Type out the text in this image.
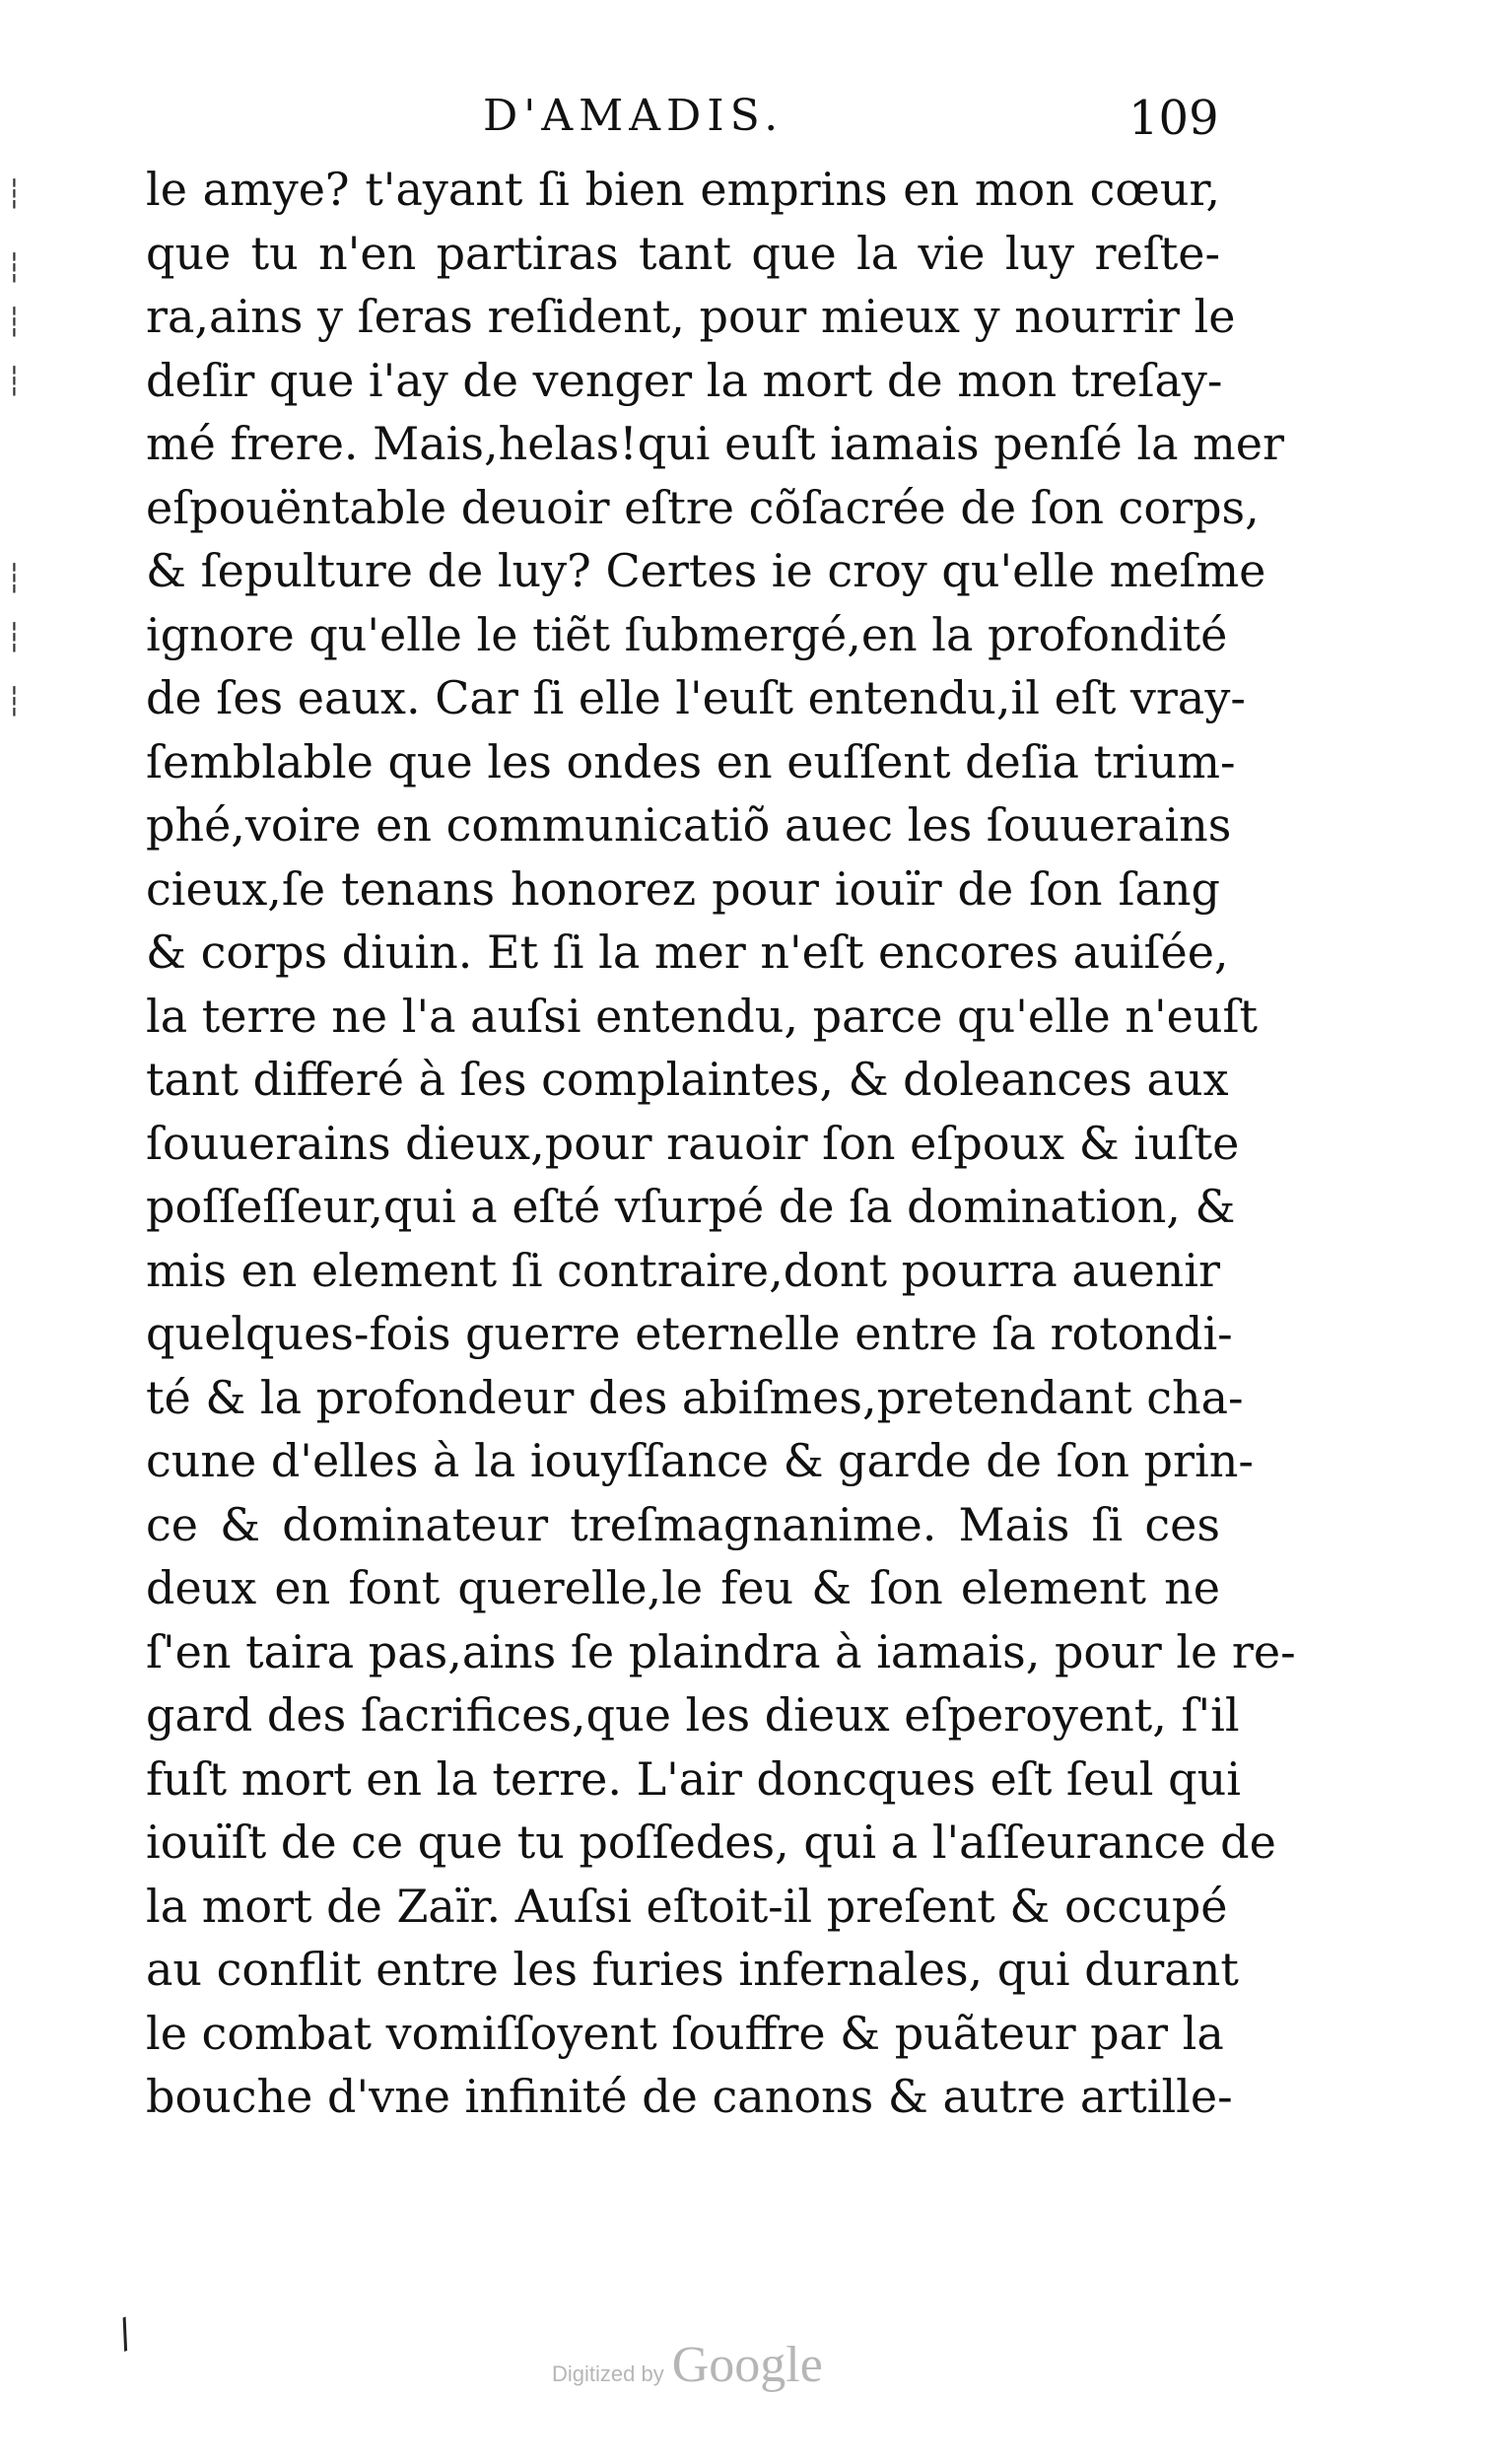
D'AMADIS.	109
┆
┆
┆
┆
┆
┆
┆
le amye? t'ayant ſi bien emprins en mon cœur,
que tu n'en partiras tant que la vie luy reſte-
ra,ains y ſeras reſident, pour mieux y nourrir le
deſir que i'ay de venger la mort de mon treſay-
mé frere. Mais,helas!qui euſt iamais penſé la mer
eſpouëntable deuoir eſtre cõſacrée de ſon corps,
& ſepulture de luy? Certes ie croy qu'elle meſme
ignore qu'elle le tiẽt ſubmergé,en la profondité
de ſes eaux. Car ſi elle l'euſt entendu,il eſt vray-
ſemblable que les ondes en euſſent deſia trium-
phé,voire en communicatiõ auec les ſouuerains
cieux,ſe tenans honorez pour iouïr de ſon ſang
& corps diuin. Et ſi la mer n'eſt encores auiſée,
la terre ne l'a auſsi entendu, parce qu'elle n'euſt
tant differé à ſes complaintes, & doleances aux
ſouuerains dieux,pour rauoir ſon eſpoux & iuſte
poſſeſſeur,qui a eſté vſurpé de ſa domination, &
mis en element ſi contraire,dont pourra auenir
quelques-fois guerre eternelle entre ſa rotondi-
té & la profondeur des abiſmes,pretendant cha-
cune d'elles à la iouyſſance & garde de ſon prin-
ce & dominateur treſmagnanime. Mais ſi ces
deux en font querelle,le feu & ſon element ne
ſ'en taira pas,ains ſe plaindra à iamais, pour le re-
gard des ſacrifices,que les dieux eſperoyent, ſ'il
fuſt mort en la terre. L'air doncques eſt ſeul qui
iouïſt de ce que tu poſſedes, qui a l'aſſeurance de
la mort de Zaïr. Auſsi eſtoit-il preſent & occupé
au conflit entre les furies infernales, qui durant
le combat vomiſſoyent ſouffre & puãteur par la
bouche d'vne infinité de canons & autre artille-
/
Digitized by Google
